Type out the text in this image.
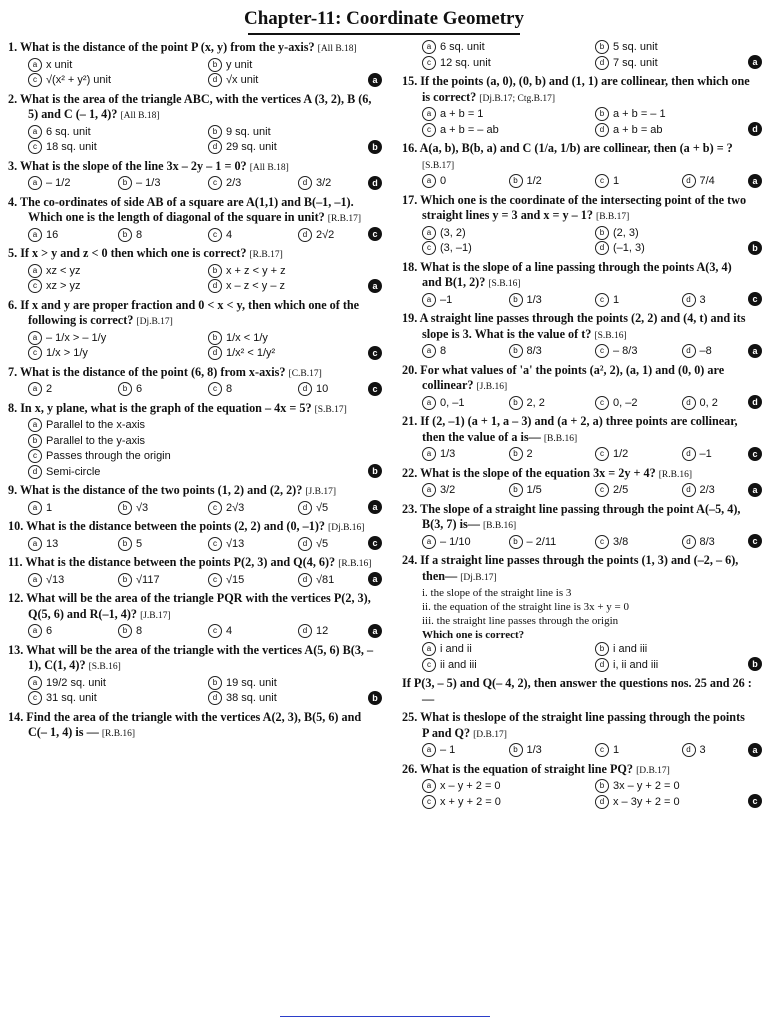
Chapter-11: Coordinate Geometry
1. What is the distance of the point P (x, y) from the y-axis? [All B.18]
a x unit	b y unit
c √(x² + y²) unit	d √x unit	a
2. What is the area of the triangle ABC, with the vertices A (3, 2), B (6, 5) and C (– 1, 4)? [All B.18]
a 6 sq. unit	b 9 sq. unit
c 18 sq. unit	d 29 sq. unit	b
3. What is the slope of the line 3x – 2y – 1 = 0? [All B.18]
a – 1/2	b – 1/3	c 2/3	d 3/2	d
4. The co-ordinates of side AB of a square are A(1,1) and B(–1, –1). Which one is the length of diagonal of the square in unit? [R.B.17]
a 16	b 8	c 4	d 2√2	c
5. If x > y and z < 0 then which one is correct? [R.B.17]
a xz < yz	b x + z < y + z
c xz > yz	d x – z < y – z	a
6. If x and y are proper fraction and 0 < x < y, then which one of the following is correct? [Dj.B.17]
a – 1/x > – 1/y	b 1/x < 1/y
c 1/x > 1/y	d 1/x² < 1/y²	c
7. What is the distance of the point (6, 8) from x-axis? [C.B.17]
a 2	b 6	c 8	d 10	c
8. In x, y plane, what is the graph of the equation – 4x = 5? [S.B.17]
a Parallel to the x-axis
b Parallel to the y-axis
c Passes through the origin
d Semi-circle	b
9. What is the distance of the two points (1, 2) and (2, 2)? [J.B.17]
a 1	b √3	c 2√3	d √5	a
10. What is the distance between the points (2, 2) and (0, –1)? [Dj.B.16]
a 13	b 5	c √13	d √5	c
11. What is the distance between the points P(2, 3) and Q(4, 6)? [R.B.16]
a √13	b √117	c √15	d √81	a
12. What will be the area of the triangle PQR with the vertices P(2, 3), Q(5, 6) and R(–1, 4)? [J.B.17]
a 6	b 8	c 4	d 12	a
13. What will be the area of the triangle with the vertices A(5, 6) B(3, –1), C(1, 4)? [S.B.16]
a 19/2 sq. unit	b 19 sq. unit
c 31 sq. unit	d 38 sq. unit	b
14. Find the area of the triangle with the vertices A(2, 3), B(5, 6) and C(– 1, 4) is — [R.B.16]
a 6 sq. unit	b 5 sq. unit
c 12 sq. unit	d 7 sq. unit	a
15. If the points (a, 0), (0, b) and (1, 1) are collinear, then which one is correct? [Dj.B.17; Ctg.B.17]
a a + b = 1	b a + b = – 1
c a + b = – ab	d a + b = ab	d
16. A(a, b), B(b, a) and C (1/a, 1/b) are collinear, then (a + b) = ? [S.B.17]
a 0	b 1/2	c 1	d 7/4	a
17. Which one is the coordinate of the intersecting point of the two straight lines y = 3 and x = y – 1? [B.B.17]
a (3, 2)	b (2, 3)
c (3, –1)	d (–1, 3)	b
18. What is the slope of a line passing through the points A(3, 4) and B(1, 2)? [S.B.16]
a –1	b 1/3	c 1	d 3	c
19. A straight line passes through the points (2, 2) and (4, t) and its slope is 3. What is the value of t? [S.B.16]
a 8	b 8/3	c – 8/3	d –8	a
20. For what values of 'a' the points (a², 2), (a, 1) and (0, 0) are collinear? [J.B.16]
a 0, –1	b 2, 2	c 0, –2	d 0, 2	d
21. If (2, –1) (a + 1, a – 3) and (a + 2, a) three points are collinear, then the value of a is— [B.B.16]
a 1/3	b 2	c 1/2	d –1	c
22. What is the slope of the equation 3x = 2y + 4? [R.B.16]
a 3/2	b 1/5	c 2/5	d 2/3	a
23. The slope of a straight line passing through the point A(–5, 4), B(3, 7) is— [B.B.16]
a – 1/10	b – 2/11	c 3/8	d 8/3	c
24. If a straight line passes through the points (1, 3) and (–2, – 6), then— [Dj.B.17]
i. the slope of the straight line is 3
ii. the equation of the straight line is 3x + y = 0
iii. the straight line passes through the origin
Which one is correct?
a i and ii	b i and iii
c ii and iii	d i, ii and iii	b
If P(3, – 5) and Q(– 4, 2), then answer the questions nos. 25 and 26 :—
25. What is theslope of the straight line passing through the points P and Q? [D.B.17]
a – 1	b 1/3	c 1	d 3	a
26. What is the equation of straight line PQ? [D.B.17]
a x – y + 2 = 0	b 3x – y + 2 = 0
c x + y + 2 = 0	d x – 3y + 2 = 0	c
